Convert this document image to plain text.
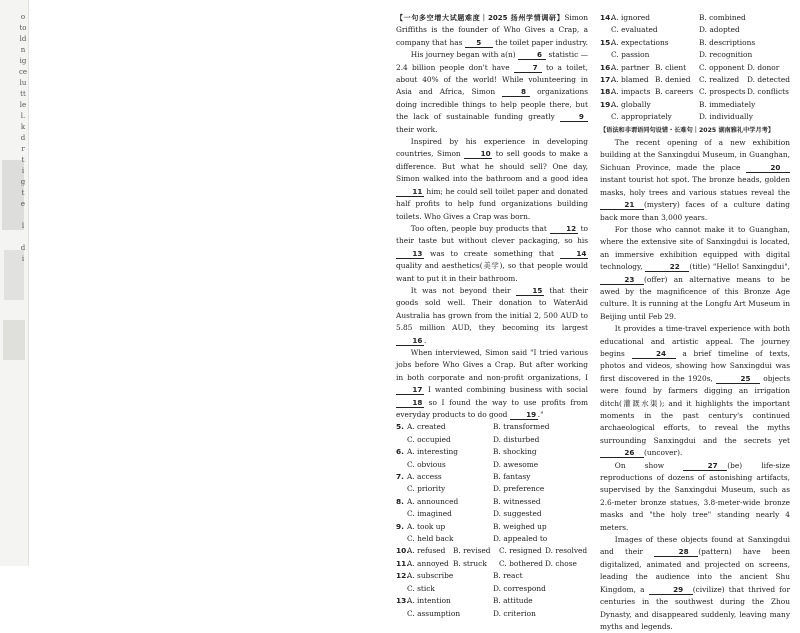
o
to
ld
n
ig
ce
lu
tt
le
l.
k
d
r
t
i
g
t
e

l

d
i

【一句多空增大试题难度｜2025 扬州学情调研】Simon Griffiths is the founder of Who Gives a Crap, a company that has 5 the toilet paper industry.

His journey began with a(n)	6 statistic — 2.4 billion people don't have	7 to a toilet, about 40% of the world! While volunteering in Asia and Africa, Simon	8 organizations doing incredible things to help people there, but the lack of sustainable funding greatly	9 their work.

Inspired by his experience in developing countries, Simon 10 to sell goods to make a difference. But what he should sell? One day, Simon walked into the bathroom and a good idea 11 him; he could sell toilet paper and donated half profits to help fund organizations building toilets. Who Gives a Crap was born.

Too often, people buy products that 12 to their taste but without clever packaging, so his 13 was to create something that 14 quality and aesthetics(美学), so that people would want to put it in their bathroom.

It was not beyond their 15 that their goods sold well. Their donation to WaterAid Australia has grown from the initial 2, 500 AUD to 5.85 million AUD, they becoming its largest 16 .

When interviewed, Simon said "I tried various jobs before Who Gives a Crap. But after working in both corporate and non-profit organizations, I 17 I wanted combining business with social 18 so I found the way to use profits from everyday products to do good 19 ."

5. A. created	B. transformed
C. occupied	D. disturbed
6. A. interesting	B. shocking
C. obvious	D. awesome
7. A. access	B. fantasy
C. priority	D. preference
8. A. announced	B. witnessed
C. imagined	D. suggested
9. A. took up	B. weighed up
C. held back	D. appealed to
10.
A. refused	B. revised	C. resigned D. resolved
11.
A. annoyed B. struck	C. bothered D. chose
12.
A. subscribe	B. react
C. stick	D. correspond
13.
A. intention	B. attitude
C. assumption	D. criterion
14.
A. ignored	B. combined
C. evaluated	D. adopted
15.
A. expectations	B. descriptions
C. passion	D. recognition
16.
A. partner B. client	C. opponent D. donor
17.
A. blamed B. denied	C. realized	D. detected
18.
A. impacts B. careers C. prospects D. conflicts
19.
A. globally	B. immediately
C. appropriately	D. individually

【语法和非谓语同句设错・长难句｜2025 湖南雅礼中学月考】

The recent opening of a new exhibition building at the Sanxingdui Museum, in Guanghan, Sichuan Province, made the place	20 instant tourist hot spot. The bronze heads, golden masks, holy trees and various statues reveal the 21 (mystery) faces of a culture dating back more than 3,000 years.

For those who cannot make it to Guanghan, where the extensive site of Sanxingdui is located, an immersive exhibition equipped with digital technology,	22 (title) "Hello! Sanxingdui", 23 (offer) an alternative means to be awed by the magnificence of this Bronze Age culture. It is running at the Longfu Art Museum in Beijing until Feb 29.

It provides a time-travel experience with both educational and artistic appeal. The journey begins	24 a brief timeline of texts, photos and videos, showing how Sanxingdui was first discovered in the 1920s,	25 objects were found by farmers digging an irrigation ditch(灌溉水渠); and it highlights the important moments in the past century's continued archaeological efforts, to reveal the myths surrounding Sanxingdui and the secrets yet 26 (uncover).

On show	27 (be) life-size reproductions of dozens of astonishing artifacts, supervised by the Sanxingdui Museum, such as 2.6-meter bronze statues, 3.8-meter-wide bronze masks and "the holy tree" standing nearly 4 meters.

Images of these objects found at Sanxingdui and their	28 (pattern) have been digitalized, animated and projected on screens, leading the audience into the ancient Shu Kingdom, a	29 (civilize) that thrived for centuries in the southwest during the Zhou Dynasty, and disappeared suddenly, leaving many myths and legends.
